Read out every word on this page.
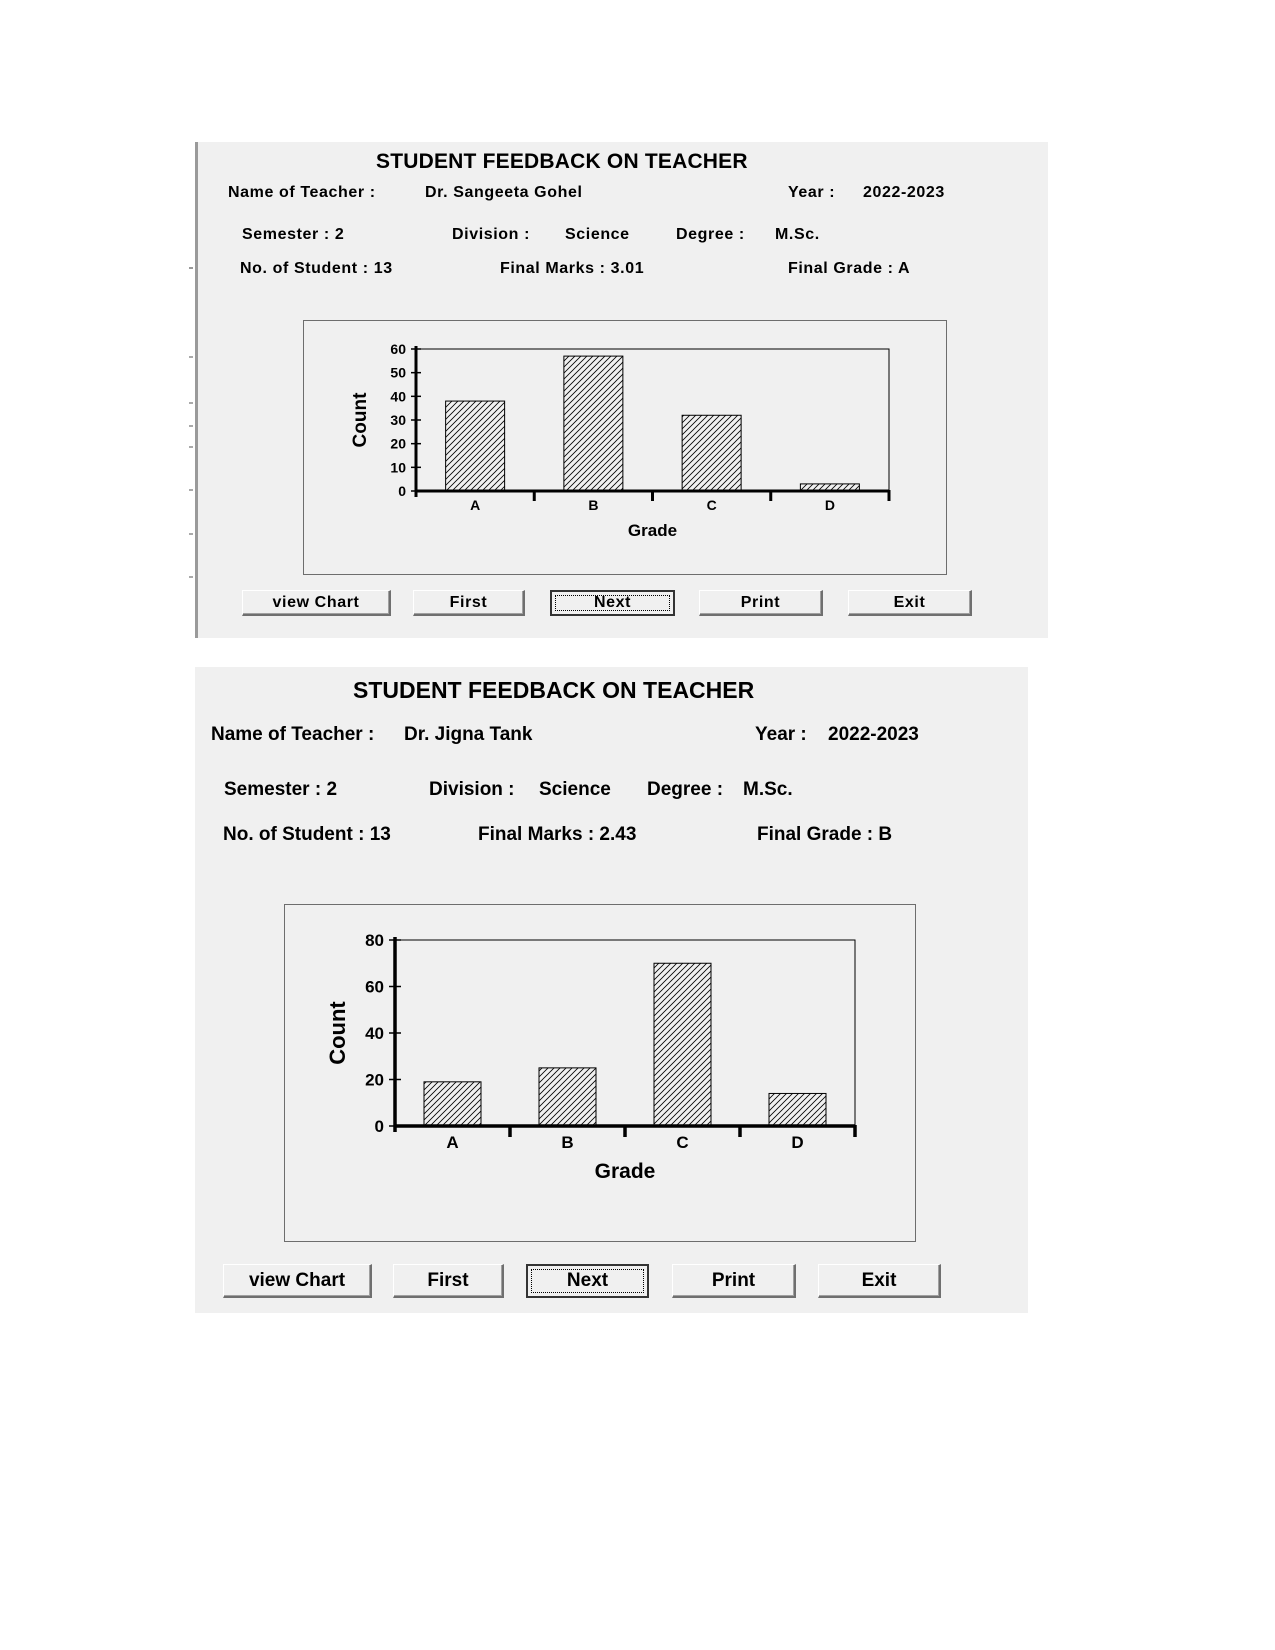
STUDENT FEEDBACK ON TEACHER
Name of Teacher :	Dr. Sangeeta Gohel	Year : 2022-2023
Semester : 2	Division : Science	Degree : M.Sc.
No. of Student : 13	Final Marks : 3.01	Final Grade : A
0
10
20
30
40
50
60
A	B	C	D
Grade
Count
view Chart	First	Next	Print	Exit
STUDENT FEEDBACK ON TEACHER
Name of Teacher : Dr. Jigna Tank	Year : 2022-2023
Semester : 2	Division : Science Degree : M.Sc.
No. of Student : 13	Final Marks : 2.43	Final Grade : B
0
20
40
60
80
A	B	C	D
Grade
Count
view Chart	First	Next	Print	Exit
